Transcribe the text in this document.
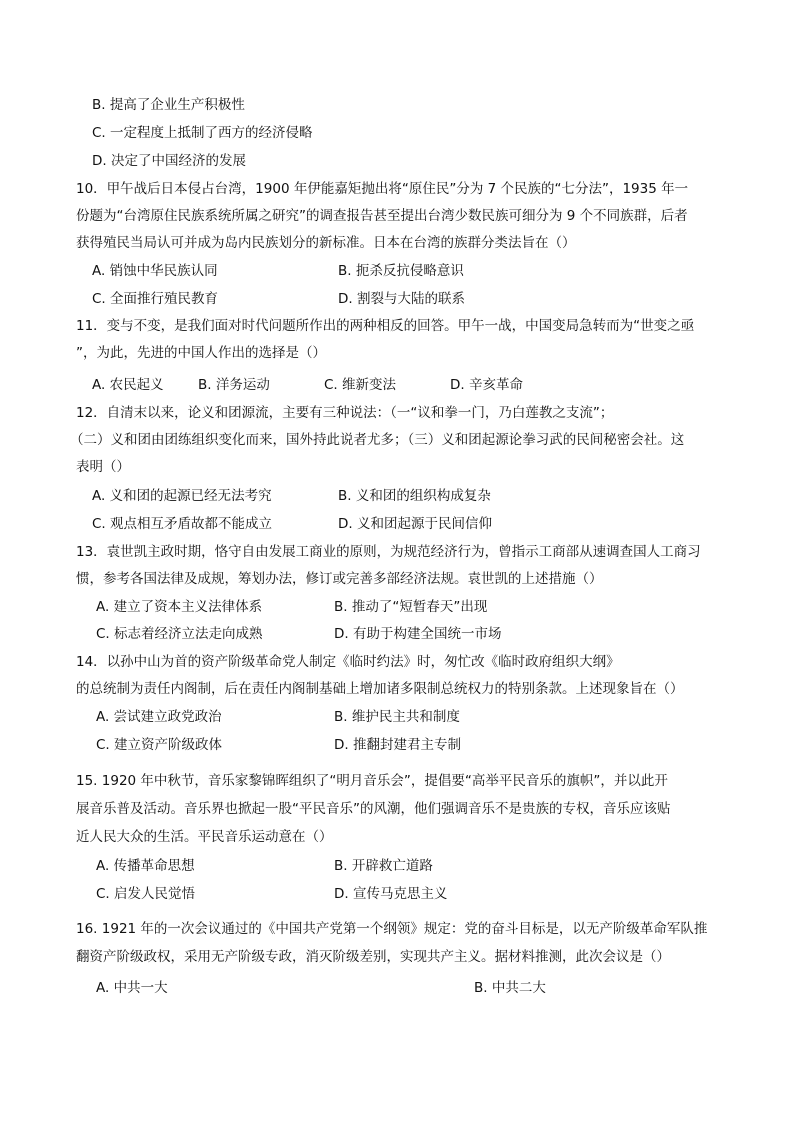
B. 提高了企业生产积极性
C. 一定程度上抵制了西方的经济侵略
D. 决定了中国经济的发展
10．甲午战后日本侵占台湾，1900 年伊能嘉矩抛出将“原住民”分为 7 个民族的“七分法”，1935 年一
份题为“台湾原住民族系统所属之研究”的调查报告甚至提出台湾少数民族可细分为 9 个不同族群，后者
获得殖民当局认可并成为岛内民族划分的新标准。日本在台湾的族群分类法旨在（）
A. 销蚀中华民族认同	B. 扼杀反抗侵略意识
C. 全面推行殖民教育	D. 割裂与大陆的联系
11．变与不变，是我们面对时代问题所作出的两种相反的回答。甲午一战，中国变局急转而为“世变之亟
”，为此，先进的中国人作出的选择是（）
A. 农民起义	B. 洋务运动	C. 维新变法	D. 辛亥革命
12．自清末以来，论义和团源流，主要有三种说法：（一“议和拳一门，乃白莲教之支流”；
（二）义和团由团练组织变化而来，国外持此说者尤多；（三）义和团起源论拳习武的民间秘密会社。这
表明（）
A. 义和团的起源已经无法考究	B. 义和团的组织构成复杂
C. 观点相互矛盾故都不能成立	D. 义和团起源于民间信仰
13．袁世凯主政时期，恪守自由发展工商业的原则，为规范经济行为，曾指示工商部从速调查国人工商习
惯，参考各国法律及成规，筹划办法，修订或完善多部经济法规。袁世凯的上述措施（）
A. 建立了资本主义法律体系	B. 推动了“短暂春天”出现
C. 标志着经济立法走向成熟	D. 有助于构建全国统一市场
14．以孙中山为首的资产阶级革命党人制定《临时约法》时，匆忙改《临时政府组织大纲》
的总统制为责任内阁制，后在责任内阁制基础上增加诸多限制总统权力的特别条款。上述现象旨在（）
A. 尝试建立政党政治	B. 维护民主共和制度
C. 建立资产阶级政体	D. 推翻封建君主专制
15. 1920 年中秋节，音乐家黎锦晖组织了“明月音乐会”，提倡要“高举平民音乐的旗帜”，并以此开
展音乐普及活动。音乐界也掀起一股“平民音乐”的风潮，他们强调音乐不是贵族的专权，音乐应该贴
近人民大众的生活。平民音乐运动意在（）
A. 传播革命思想	B. 开辟救亡道路
C. 启发人民觉悟	D. 宣传马克思主义
16. 1921 年的一次会议通过的《中国共产党第一个纲领》规定：党的奋斗目标是，以无产阶级革命军队推
翻资产阶级政权，采用无产阶级专政，消灭阶级差别，实现共产主义。据材料推测，此次会议是（）
A. 中共一大	B. 中共二大
